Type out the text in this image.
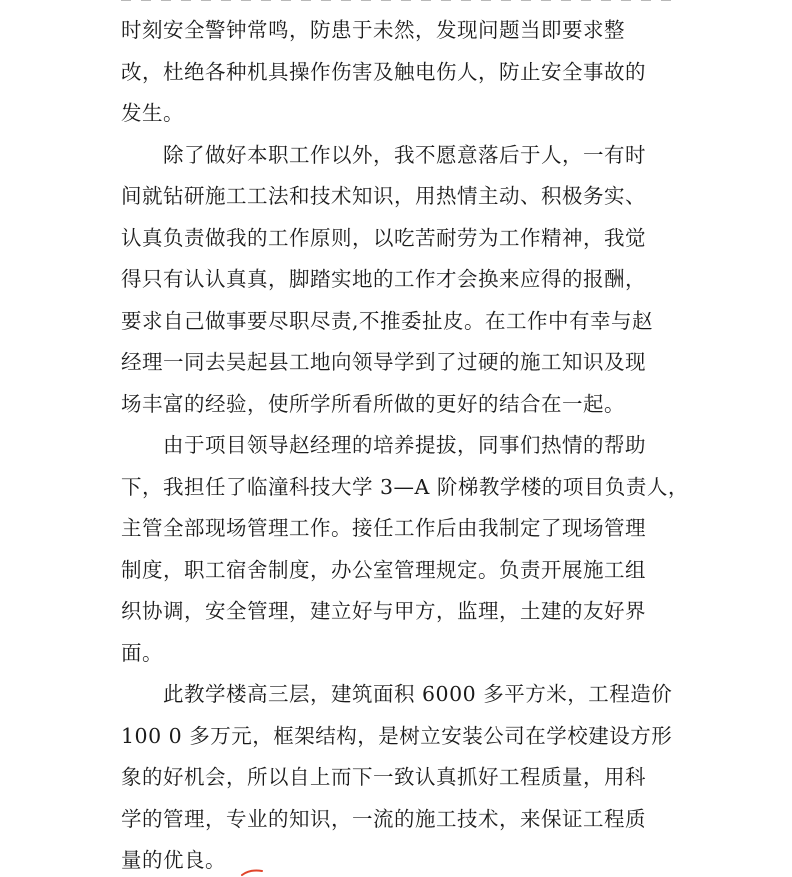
时刻安全警钟常鸣，防患于未然，发现问题当即要求整
改，杜绝各种机具操作伤害及触电伤人，防止安全事故的
发生。
　　除了做好本职工作以外，我不愿意落后于人，一有时
间就钻研施工工法和技术知识，用热情主动、积极务实、
认真负责做我的工作原则，以吃苦耐劳为工作精神，我觉
得只有认认真真，脚踏实地的工作才会换来应得的报酬，
要求自己做事要尽职尽责,不推委扯皮。在工作中有幸与赵
经理一同去吴起县工地向领导学到了过硬的施工知识及现
场丰富的经验，使所学所看所做的更好的结合在一起。
　　由于项目领导赵经理的培养提拔，同事们热情的帮助
下，我担任了临潼科技大学 3—A 阶梯教学楼的项目负责人，
主管全部现场管理工作。接任工作后由我制定了现场管理
制度，职工宿舍制度，办公室管理规定。负责开展施工组
织协调，安全管理，建立好与甲方，监理，土建的友好界
面。
　　此教学楼高三层，建筑面积 6000 多平方米，工程造价
100 0 多万元，框架结构，是树立安装公司在学校建设方形
象的好机会，所以自上而下一致认真抓好工程质量，用科
学的管理，专业的知识，一流的施工技术，来保证工程质
量的优良。
